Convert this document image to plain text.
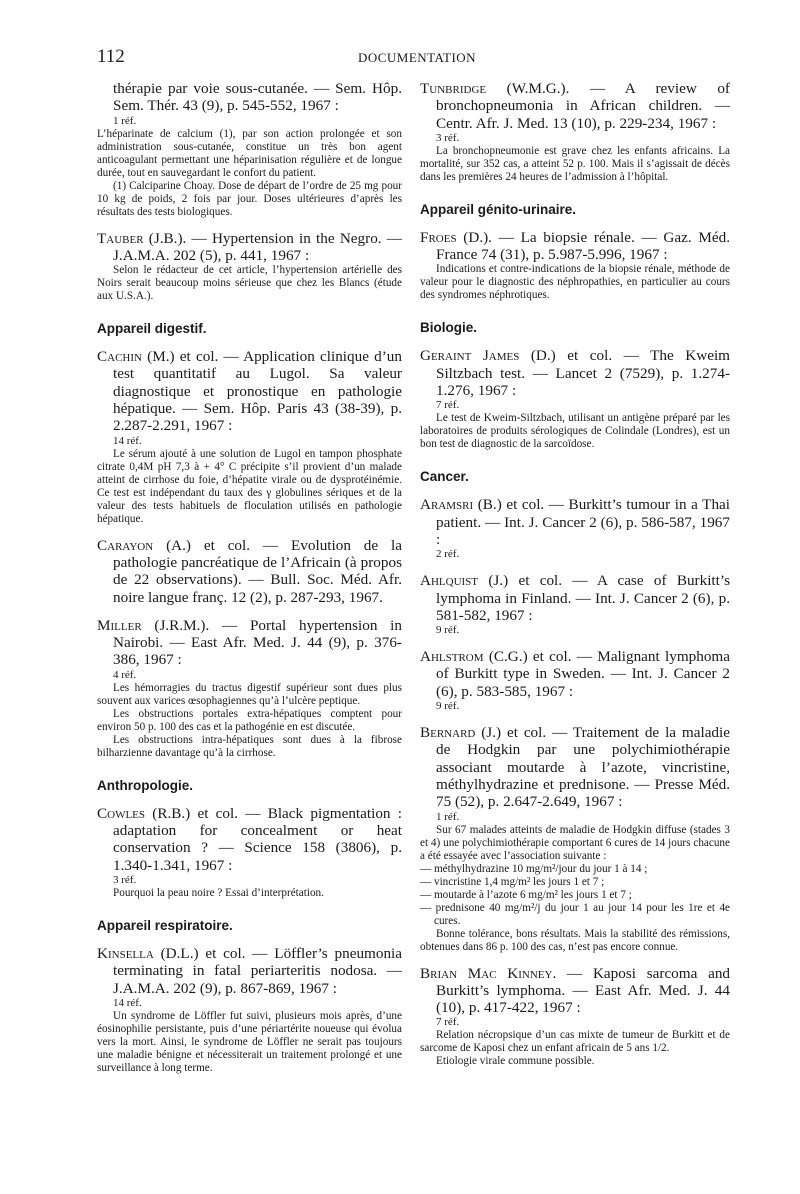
112	DOCUMENTATION
thérapie par voie sous-cutanée. — Sem. Hôp. Sem. Thér. 43 (9), p. 545-552, 1967 :
1 réf.

L’héparinate de calcium (1), par son action prolongée et son administration sous-cutanée, constitue un très bon agent anticoagulant permettant une héparinisation régulière et de longue durée, tout en sauvegardant le confort du patient.

(1) Calciparine Choay. Dose de départ de l’ordre de 25 mg pour 10 kg de poids, 2 fois par jour. Doses ultérieures d’après les résultats des tests biologiques.

Tauber (J.B.). — Hypertension in the Negro. — J.A.M.A. 202 (5), p. 441, 1967 :

Selon le rédacteur de cet article, l’hypertension artérielle des Noirs serait beaucoup moins sérieuse que chez les Blancs (étude aux U.S.A.).

Appareil digestif.
Cachin (M.) et col. — Application clinique d’un test quantitatif au Lugol. Sa valeur diagnostique et pronostique en pathologie hépatique. — Sem. Hôp. Paris 43 (38-39), p. 2.287-2.291, 1967 :
14 réf.

Le sérum ajouté à une solution de Lugol en tampon phosphate citrate 0,4M pH 7,3 à + 4° C précipite s’il provient d’un malade atteint de cirrhose du foie, d’hépatite virale ou de dysprotéinémie. Ce test est indépendant du taux des γ globulines sériques et de la valeur des tests habituels de floculation utilisés en pathologie hépatique.

Carayon (A.) et col. — Evolution de la pathologie pancréatique de l’Africain (à propos de 22 observations). — Bull. Soc. Méd. Afr. noire langue franç. 12 (2), p. 287-293, 1967.
Miller (J.R.M.). — Portal hypertension in Nairobi. — East Afr. Med. J. 44 (9), p. 376-386, 1967 :
4 réf.

Les hémorragies du tractus digestif supérieur sont dues plus souvent aux varices œsophagiennes qu’à l’ulcère peptique.

Les obstructions portales extra-hépatiques comptent pour environ 50 p. 100 des cas et la pathogénie en est discutée.

Les obstructions intra-hépatiques sont dues à la fibrose bilharzienne davantage qu’à la cirrhose.

Anthropologie.
Cowles (R.B.) et col. — Black pigmentation : adaptation for concealment or heat conservation ? — Science 158 (3806), p. 1.340-1.341, 1967 :
3 réf.

Pourquoi la peau noire ? Essai d’interprétation.

Appareil respiratoire.
Kinsella (D.L.) et col. — Löffler’s pneumonia terminating in fatal periarteritis nodosa. — J.A.M.A. 202 (9), p. 867-869, 1967 :
14 réf.

Un syndrome de Löffler fut suivi, plusieurs mois après, d’une éosinophilie persistante, puis d’une périartérite noueuse qui évolua vers la mort. Ainsi, le syndrome de Löffler ne serait pas toujours une maladie bénigne et nécessiterait un traitement prolongé et une surveillance à long terme.

Tunbridge (W.M.G.). — A review of bronchopneumonia in African children. — Centr. Afr. J. Med. 13 (10), p. 229-234, 1967 :
3 réf.

La bronchopneumonie est grave chez les enfants africains. La mortalité, sur 352 cas, a atteint 52 p. 100. Mais il s’agissait de décès dans les premières 24 heures de l’admission à l’hôpital.

Appareil génito-urinaire.
Froes (D.). — La biopsie rénale. — Gaz. Méd. France 74 (31), p. 5.987-5.996, 1967 :

Indications et contre-indications de la biopsie rénale, méthode de valeur pour le diagnostic des néphropathies, en particulier au cours des syndromes néphrotiques.

Biologie.
Geraint James (D.) et col. — The Kweim Siltzbach test. — Lancet 2 (7529), p. 1.274-1.276, 1967 :
7 réf.

Le test de Kweim-Siltzbach, utilisant un antigène préparé par les laboratoires de produits sérologiques de Colindale (Londres), est un bon test de diagnostic de la sarcoïdose.

Cancer.
Aramsri (B.) et col. — Burkitt’s tumour in a Thai patient. — Int. J. Cancer 2 (6), p. 586-587, 1967 :
2 réf.
Ahlquist (J.) et col. — A case of Burkitt’s lymphoma in Finland. — Int. J. Cancer 2 (6), p. 581-582, 1967 :
9 réf.
Ahlstrom (C.G.) et col. — Malignant lymphoma of Burkitt type in Sweden. — Int. J. Cancer 2 (6), p. 583-585, 1967 :
9 réf.
Bernard (J.) et col. — Traitement de la maladie de Hodgkin par une polychimiothérapie associant moutarde à l’azote, vincristine, méthylhydrazine et prednisone. — Presse Méd. 75 (52), p. 2.647-2.649, 1967 :
1 réf.

Sur 67 malades atteints de maladie de Hodgkin diffuse (stades 3 et 4) une polychimiothérapie comportant 6 cures de 14 jours chacune a été essayée avec l’association suivante :

— méthylhydrazine 10 mg/m²/jour du jour 1 à 14 ;

— vincristine 1,4 mg/m² les jours 1 et 7 ;

— moutarde à l’azote 6 mg/m² les jours 1 et 7 ;

— prednisone 40 mg/m²/j du jour 1 au jour 14 pour les 1re et 4e cures.

Bonne tolérance, bons résultats. Mais la stabilité des rémissions, obtenues dans 86 p. 100 des cas, n’est pas encore connue.

Brian Mac Kinney. — Kaposi sarcoma and Burkitt’s lymphoma. — East Afr. Med. J. 44 (10), p. 417-422, 1967 :
7 réf.

Relation nécropsique d’un cas mixte de tumeur de Burkitt et de sarcome de Kaposi chez un enfant africain de 5 ans 1/2.

Etiologie virale commune possible.
